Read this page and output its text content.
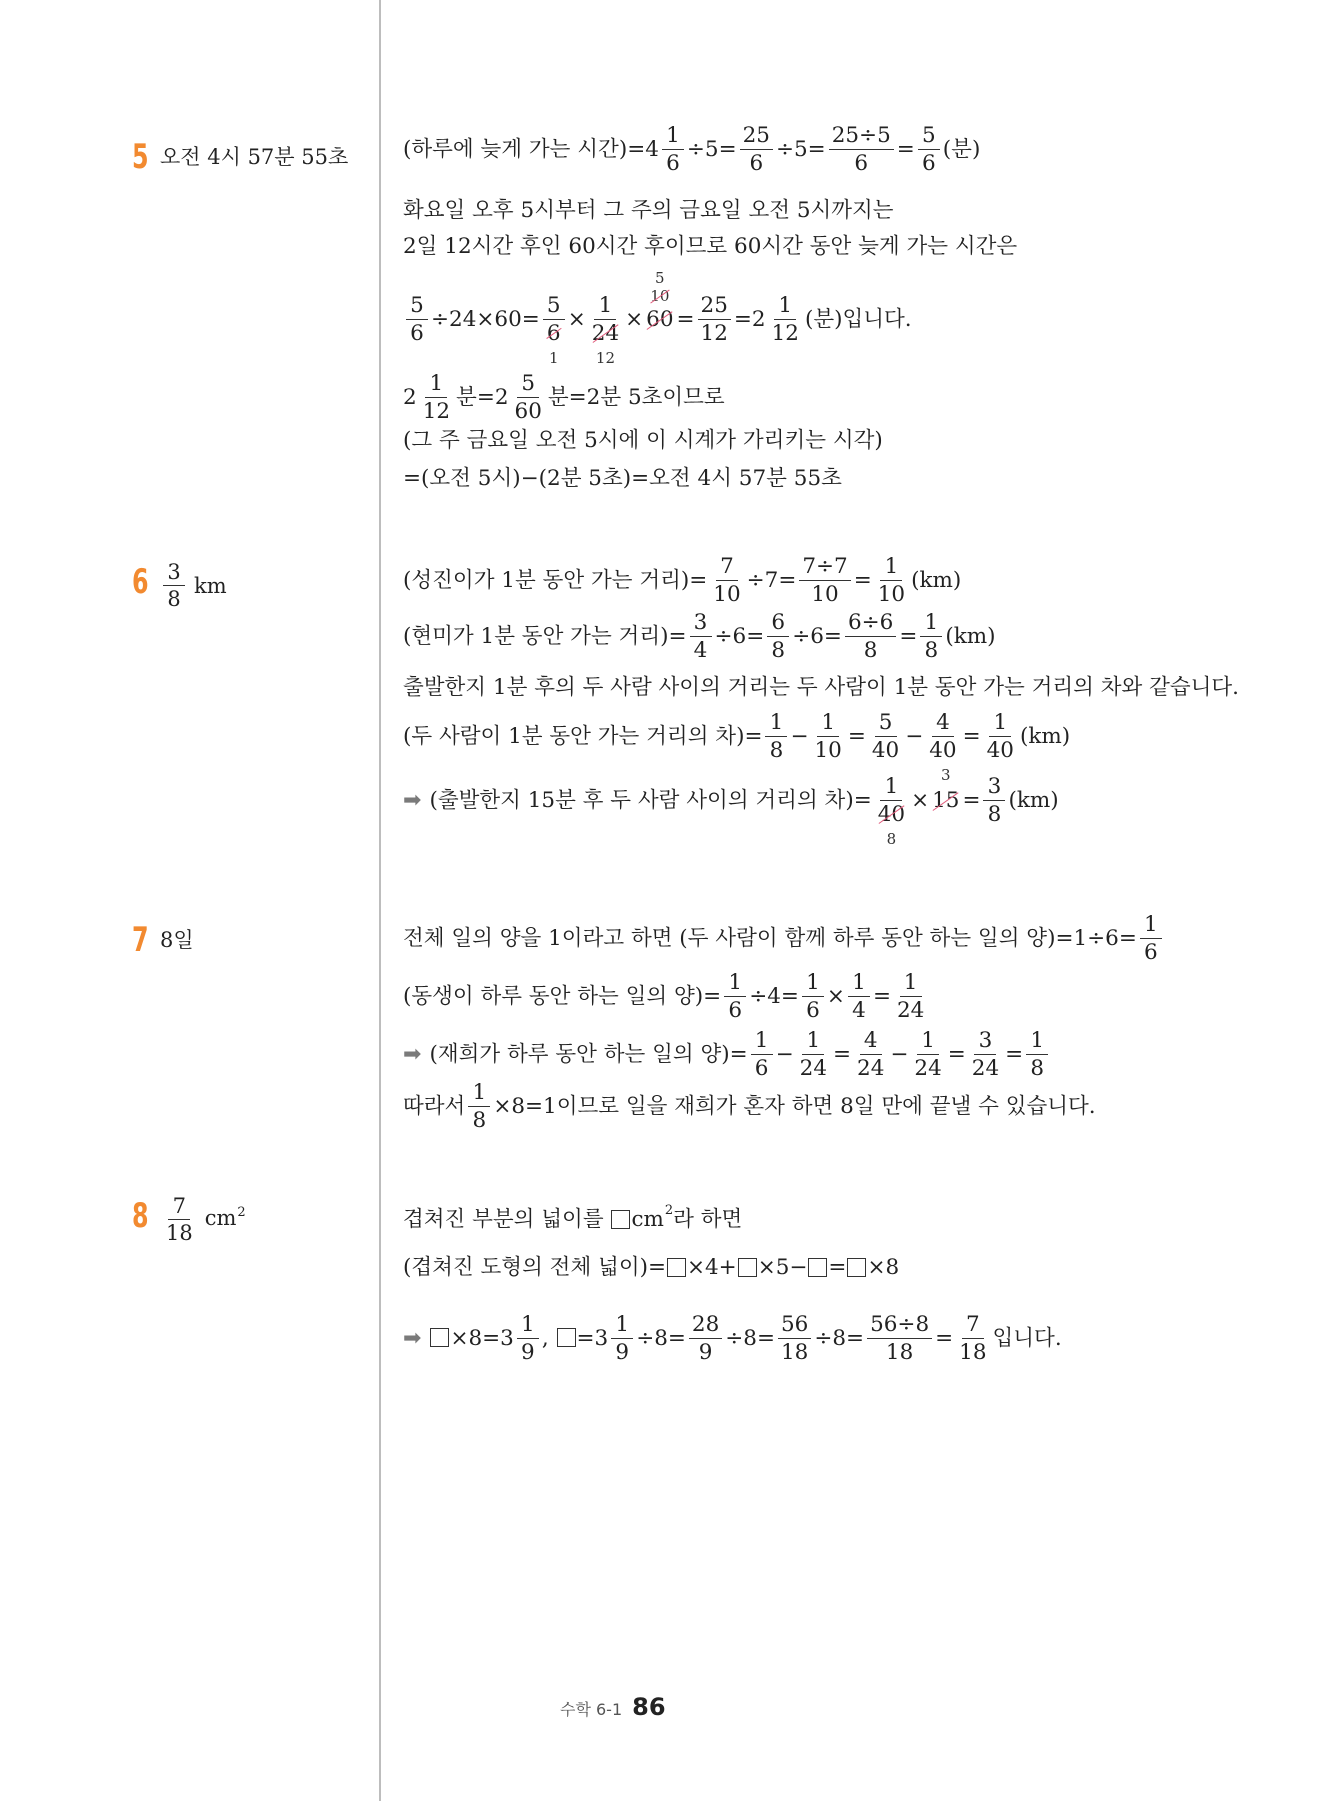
5 오전 4시 57분 55초	(하루에 늦게 가는 시간)$=4 \frac{1}{6} \div 5= \frac{25}{6} \div 5= \frac{25\div 5}{6} = \frac{5}{6}$ (분)
화요일 오후 5시부터 그 주의 금요일 오전 5시까지는
2일 12시간 후인 60시간 후이므로 60시간 동안 늦게 가는 시간은
$\frac{5}{6} \div 24\times 60=$
5
6
1
×
1
24
12
×
5
10
$60 = \frac{25}{12} =2 \frac{1}{12}$ (분)입니다.
$2 \frac{1}{12}$ 분$=2 \frac{5}{60}$ 분=2분 5초이므로
(그 주 금요일 오전 5시에 이 시계가 가리키는 시각)
=(오전 5시)−(2분 5초)=오전 4시 57분 55초
$6 \frac{3}{8}$ km	(성진이가 1분 동안 가는 거리)= $\frac{7}{10} \div 7= \frac{7\div 7}{10} = \frac{1}{10} (km)$
(현미가 1분 동안 가는 거리)= $\frac{3}{4} \div 6= \frac{6}{8} \div 6= \frac{6\div 6}{8} = \frac{1}{8} (km)$
출발한지 1분 후의 두 사람 사이의 거리는 두 사람이 1분 동안 가는 거리의 차와 같습니다.
(두 사람이 1분 동안 가는 거리의 차)= $\frac{1}{8} - \frac{1}{10} = \frac{5}{40} - \frac{4}{40} = \frac{1}{40} (km)$
➡ (출발한지 15분 후 두 사람 사이의 거리의 차)=
1
40
8
×
3
$15 = \frac{3}{8} (km)$
7 8일	전체 일의 양을 1이라고 하면 (두 사람이 함께 하루 동안 하는 일의 양)$=1\div 6= \frac{1}{6}$
(동생이 하루 동안 하는 일의 양)= $\frac{1}{6} \div 4= \frac{1}{6} \times \frac{1}{4} = \frac{1}{24}$
➡ (재희가 하루 동안 하는 일의 양)= $\frac{1}{6} - \frac{1}{24} = \frac{4}{24} - \frac{1}{24} = \frac{3}{24} = \frac{1}{8}$
따라서 $\frac{1}{8} \times 8=1$이므로 일을 재희가 혼자 하면 8일 만에 끝낼 수 있습니다.
$8 \frac{7}{18} cm^2$	겹쳐진 부분의 넓이를
cm 2 라 하면
(겹쳐진 도형의 전체 넓이)= ×4+ ×5− = ×8
➡ $\times 8=3 \frac{1}{9}$ ,
$=3 \frac{1}{9} \div 8= \frac{28}{9} \div 8= \frac{56}{18} \div 8= \frac{56\div 8}{18} = \frac{7}{18}$ 입니다.
수학 6-1 86
